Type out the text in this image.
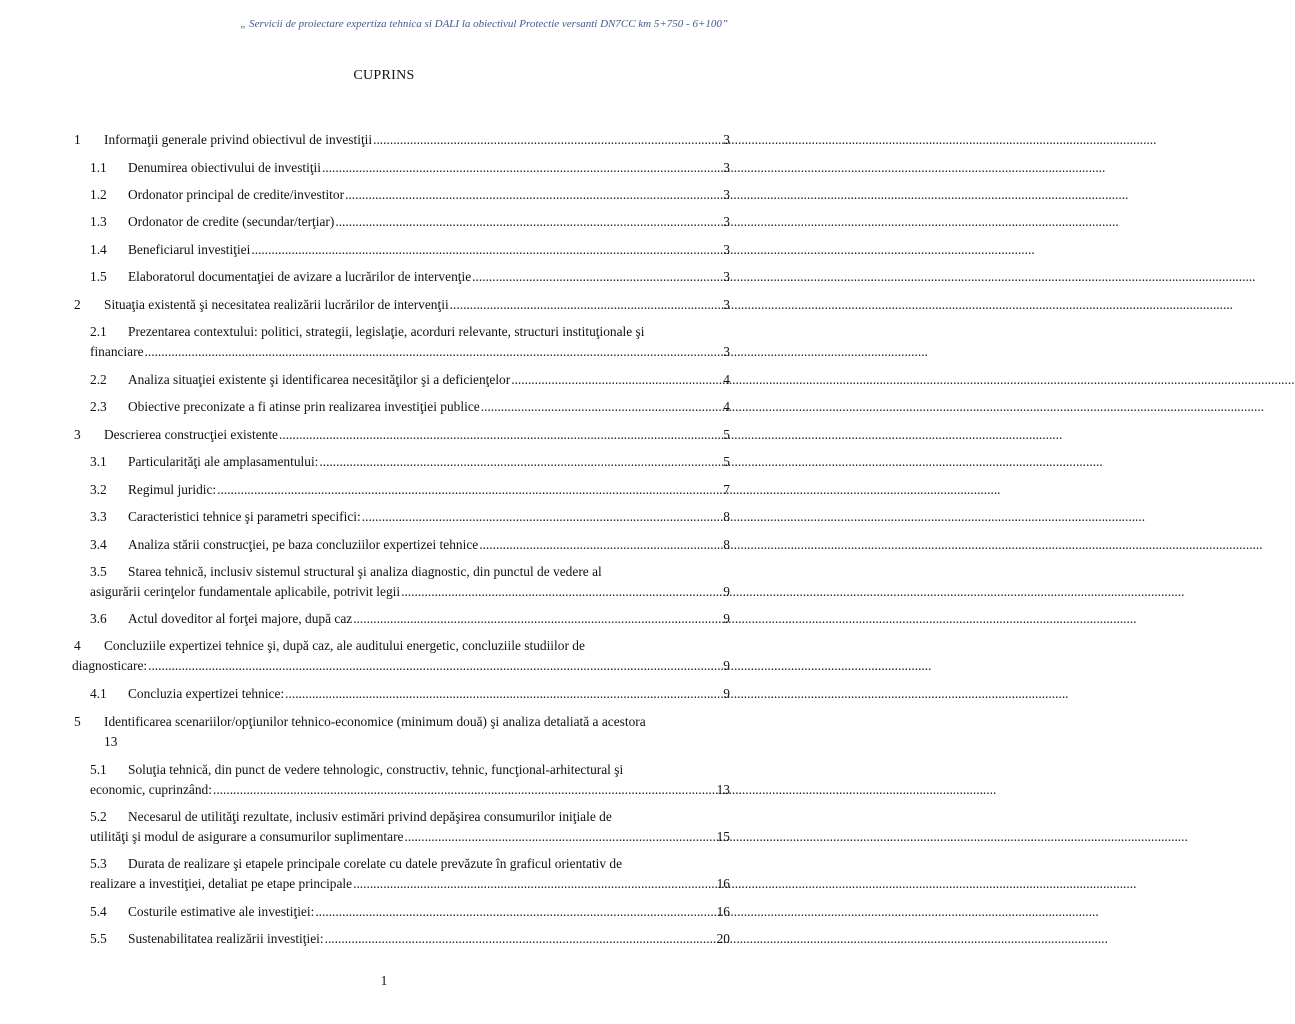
„ Servicii de proiectare expertiza tehnica si DALI la obiectivul Protectie versanti DN7CC km 5+750 - 6+100”
CUPRINS
1	Informaţii generale privind obiectivul de investiţii .....	3
1.1	Denumirea obiectivului de investiţii .....	3
1.2	Ordonator principal de credite/investitor .....	3
1.3	Ordonator de credite (secundar/terţiar) .....	3
1.4	Beneficiarul investiţiei .....	3
1.5	Elaboratorul documentaţiei de avizare a lucrărilor de intervenţie .....	3
2	Situaţia existentă şi necesitatea realizării lucrărilor de intervenţii .....	3
2.1	Prezentarea contextului: politici, strategii, legislaţie, acorduri relevante, structuri instituţionale şi
financiare .....	3
2.2	Analiza situaţiei existente şi identificarea necesităţilor şi a deficienţelor .....	4
2.3	Obiective preconizate a fi atinse prin realizarea investiţiei publice .....	4
3	Descrierea construcţiei existente .....	5
3.1	Particularităţi ale amplasamentului: .....	5
3.2	Regimul juridic: .....	7
3.3	Caracteristici tehnice şi parametri specifici: .....	8
3.4	Analiza stării construcţiei, pe baza concluziilor expertizei tehnice .....	8
3.5	Starea tehnică, inclusiv sistemul structural şi analiza diagnostic, din punctul de vedere al
asigurării cerinţelor fundamentale aplicabile, potrivit legii .....	9
3.6	Actul doveditor al forţei majore, după caz .....	9
4	Concluziile expertizei tehnice şi, după caz, ale auditului energetic, concluziile studiilor de
diagnosticare: .....	9
4.1	Concluzia expertizei tehnice: .....	9
5	Identificarea scenariilor/opţiunilor tehnico-economice (minimum două) şi analiza detaliată a acestora
13
5.1	Soluţia tehnică, din punct de vedere tehnologic, constructiv, tehnic, funcţional-arhitectural şi
economic, cuprinzând: .....	13
5.2	Necesarul de utilităţi rezultate, inclusiv estimări privind depăşirea consumurilor iniţiale de
utilităţi şi modul de asigurare a consumurilor suplimentare .....	15
5.3	Durata de realizare şi etapele principale corelate cu datele prevăzute în graficul orientativ de
realizare a investiţiei, detaliat pe etape principale .....	16
5.4	Costurile estimative ale investiţiei: .....	16
5.5	Sustenabilitatea realizării investiţiei: .....	20
1
